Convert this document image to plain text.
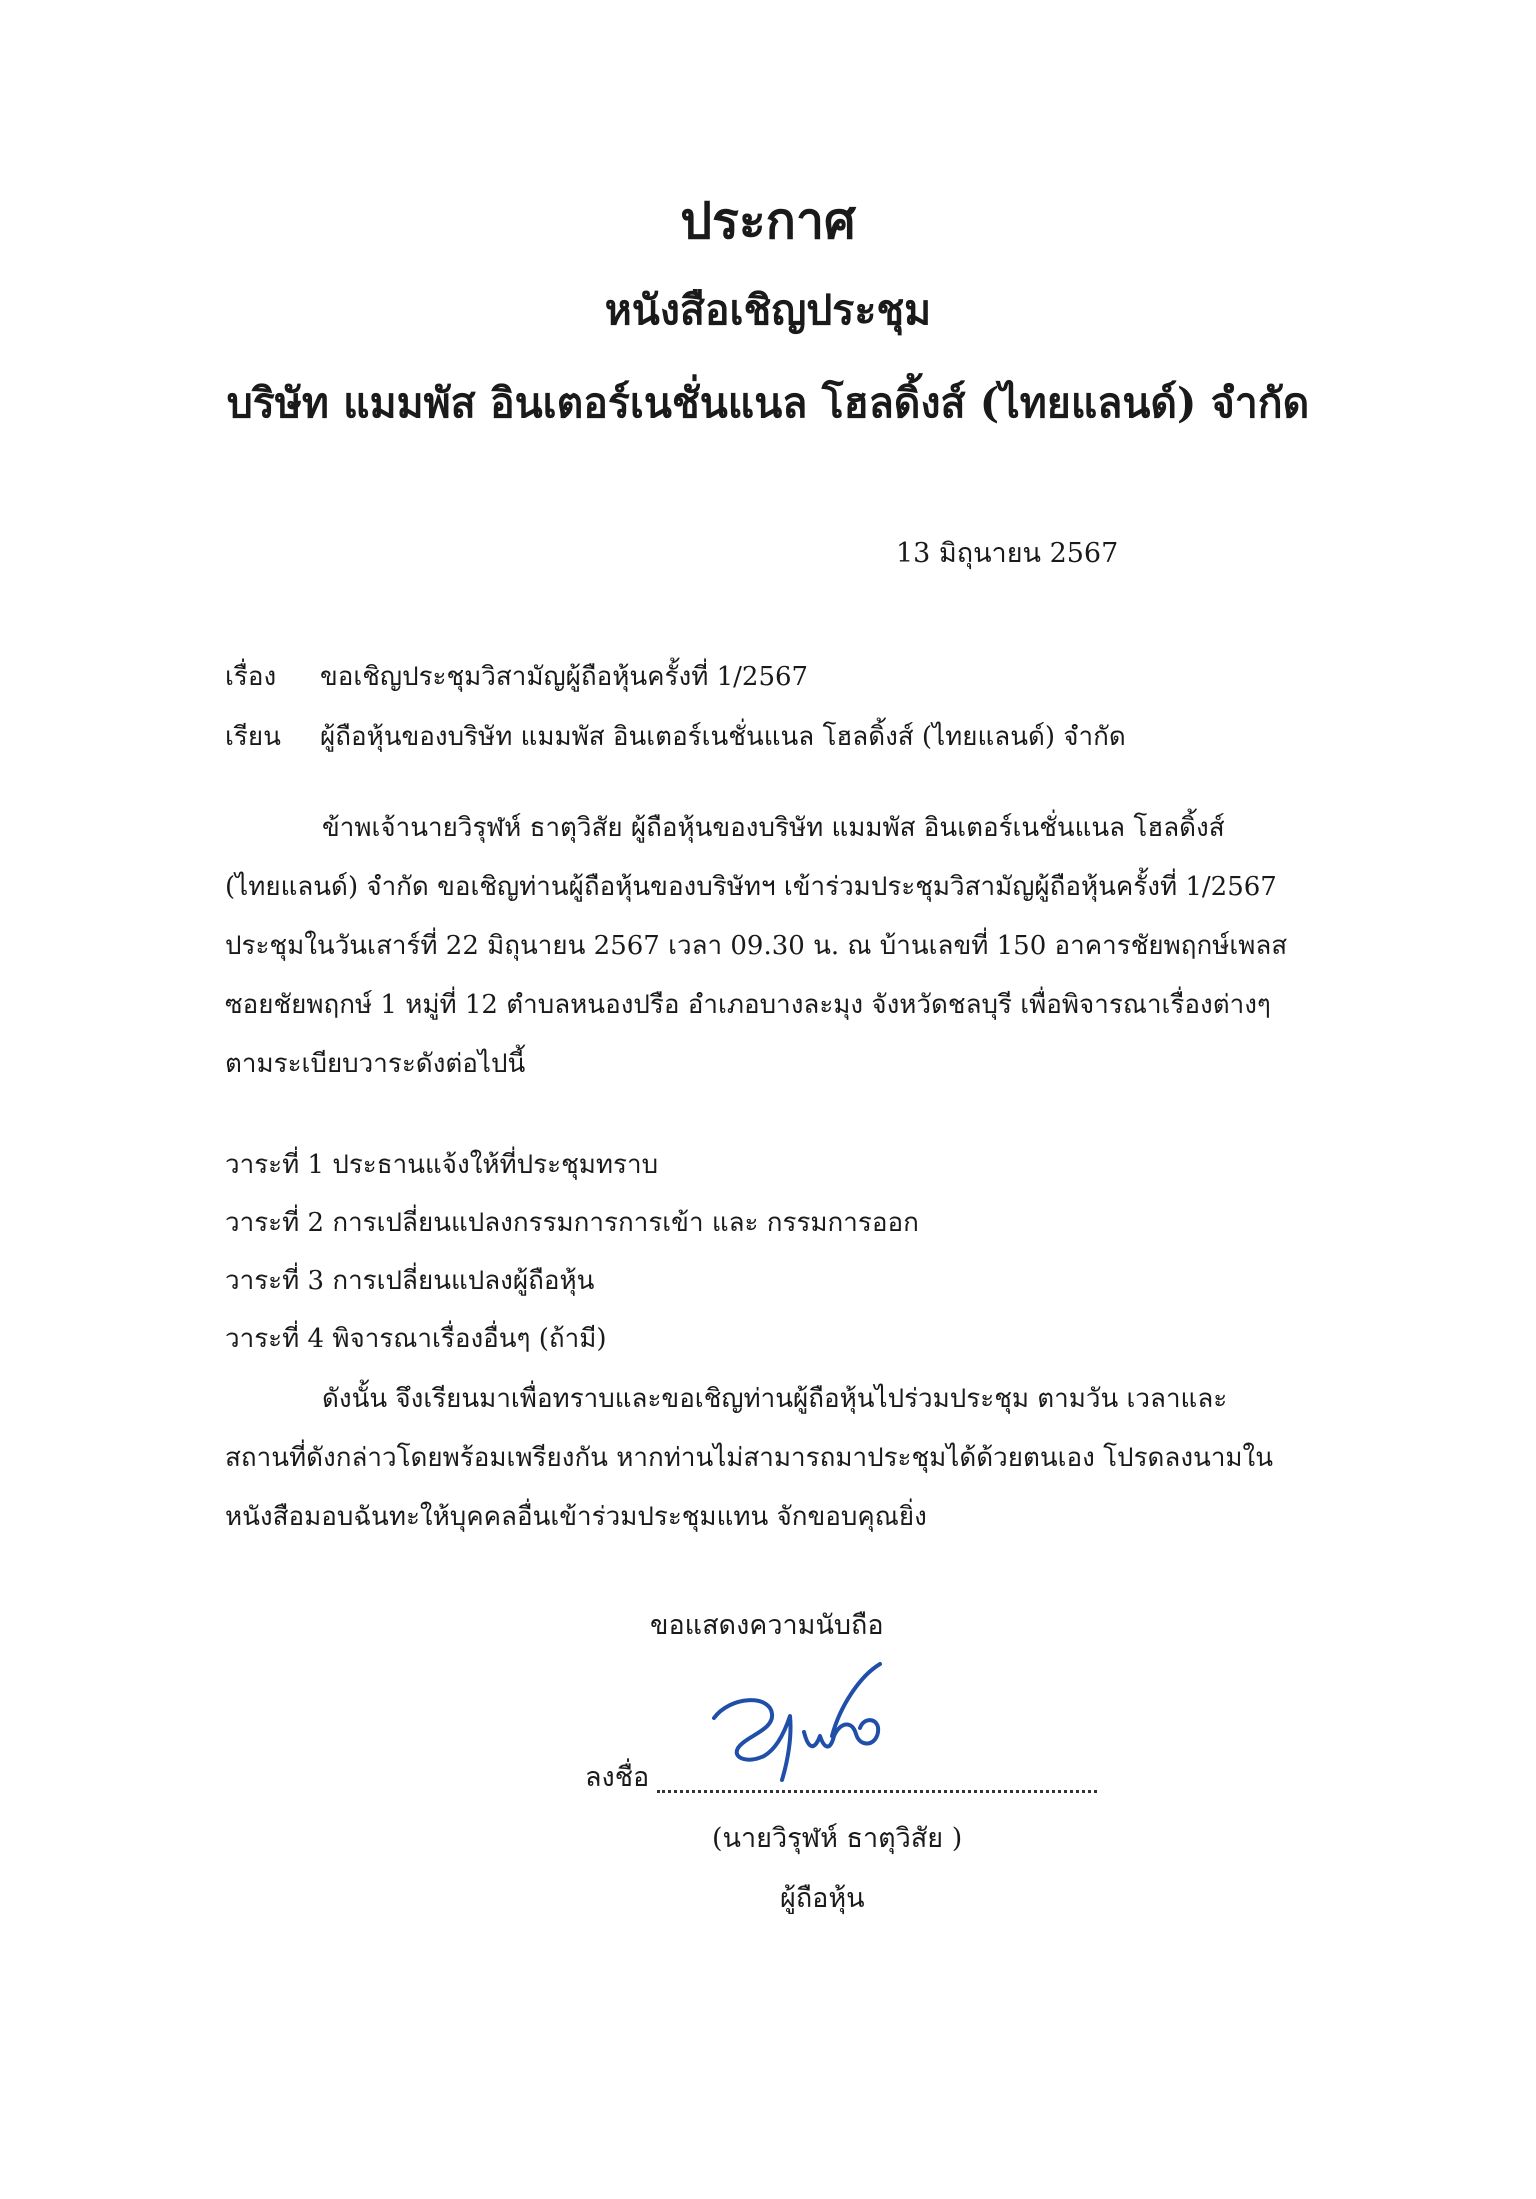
ประกาศ
หนังสือเชิญประชุม
บริษัท แมมพัส อินเตอร์เนชั่นแนล โฮลดิ้งส์ (ไทยแลนด์) จำกัด
13 มิถุนายน 2567
เรื่อง ขอเชิญประชุมวิสามัญผู้ถือหุ้นครั้งที่ 1/2567
เรียน ผู้ถือหุ้นของบริษัท แมมพัส อินเตอร์เนชั่นแนล โฮลดิ้งส์ (ไทยแลนด์) จำกัด
ข้าพเจ้านายวิรุฬห์ ธาตุวิสัย ผู้ถือหุ้นของบริษัท แมมพัส อินเตอร์เนชั่นแนล โฮลดิ้งส์
(ไทยแลนด์) จำกัด ขอเชิญท่านผู้ถือหุ้นของบริษัทฯ เข้าร่วมประชุมวิสามัญผู้ถือหุ้นครั้งที่ 1/2567
ประชุมในวันเสาร์ที่ 22 มิถุนายน 2567 เวลา 09.30 น. ณ บ้านเลขที่ 150 อาคารชัยพฤกษ์เพลส
ซอยชัยพฤกษ์ 1 หมู่ที่ 12 ตำบลหนองปรือ อำเภอบางละมุง จังหวัดชลบุรี เพื่อพิจารณาเรื่องต่างๆ
ตามระเบียบวาระดังต่อไปนี้
วาระที่ 1 ประธานแจ้งให้ที่ประชุมทราบ
วาระที่ 2 การเปลี่ยนแปลงกรรมการการเข้า และ กรรมการออก
วาระที่ 3 การเปลี่ยนแปลงผู้ถือหุ้น
วาระที่ 4 พิจารณาเรื่องอื่นๆ (ถ้ามี)
ดังนั้น จึงเรียนมาเพื่อทราบและขอเชิญท่านผู้ถือหุ้นไปร่วมประชุม ตามวัน เวลาและ
สถานที่ดังกล่าวโดยพร้อมเพรียงกัน หากท่านไม่สามารถมาประชุมได้ด้วยตนเอง โปรดลงนามใน
หนังสือมอบฉันทะให้บุคคลอื่นเข้าร่วมประชุมแทน จักขอบคุณยิ่ง
ขอแสดงความนับถือ
ลงชื่อ
(นายวิรุฬห์ ธาตุวิสัย )
ผู้ถือหุ้น
